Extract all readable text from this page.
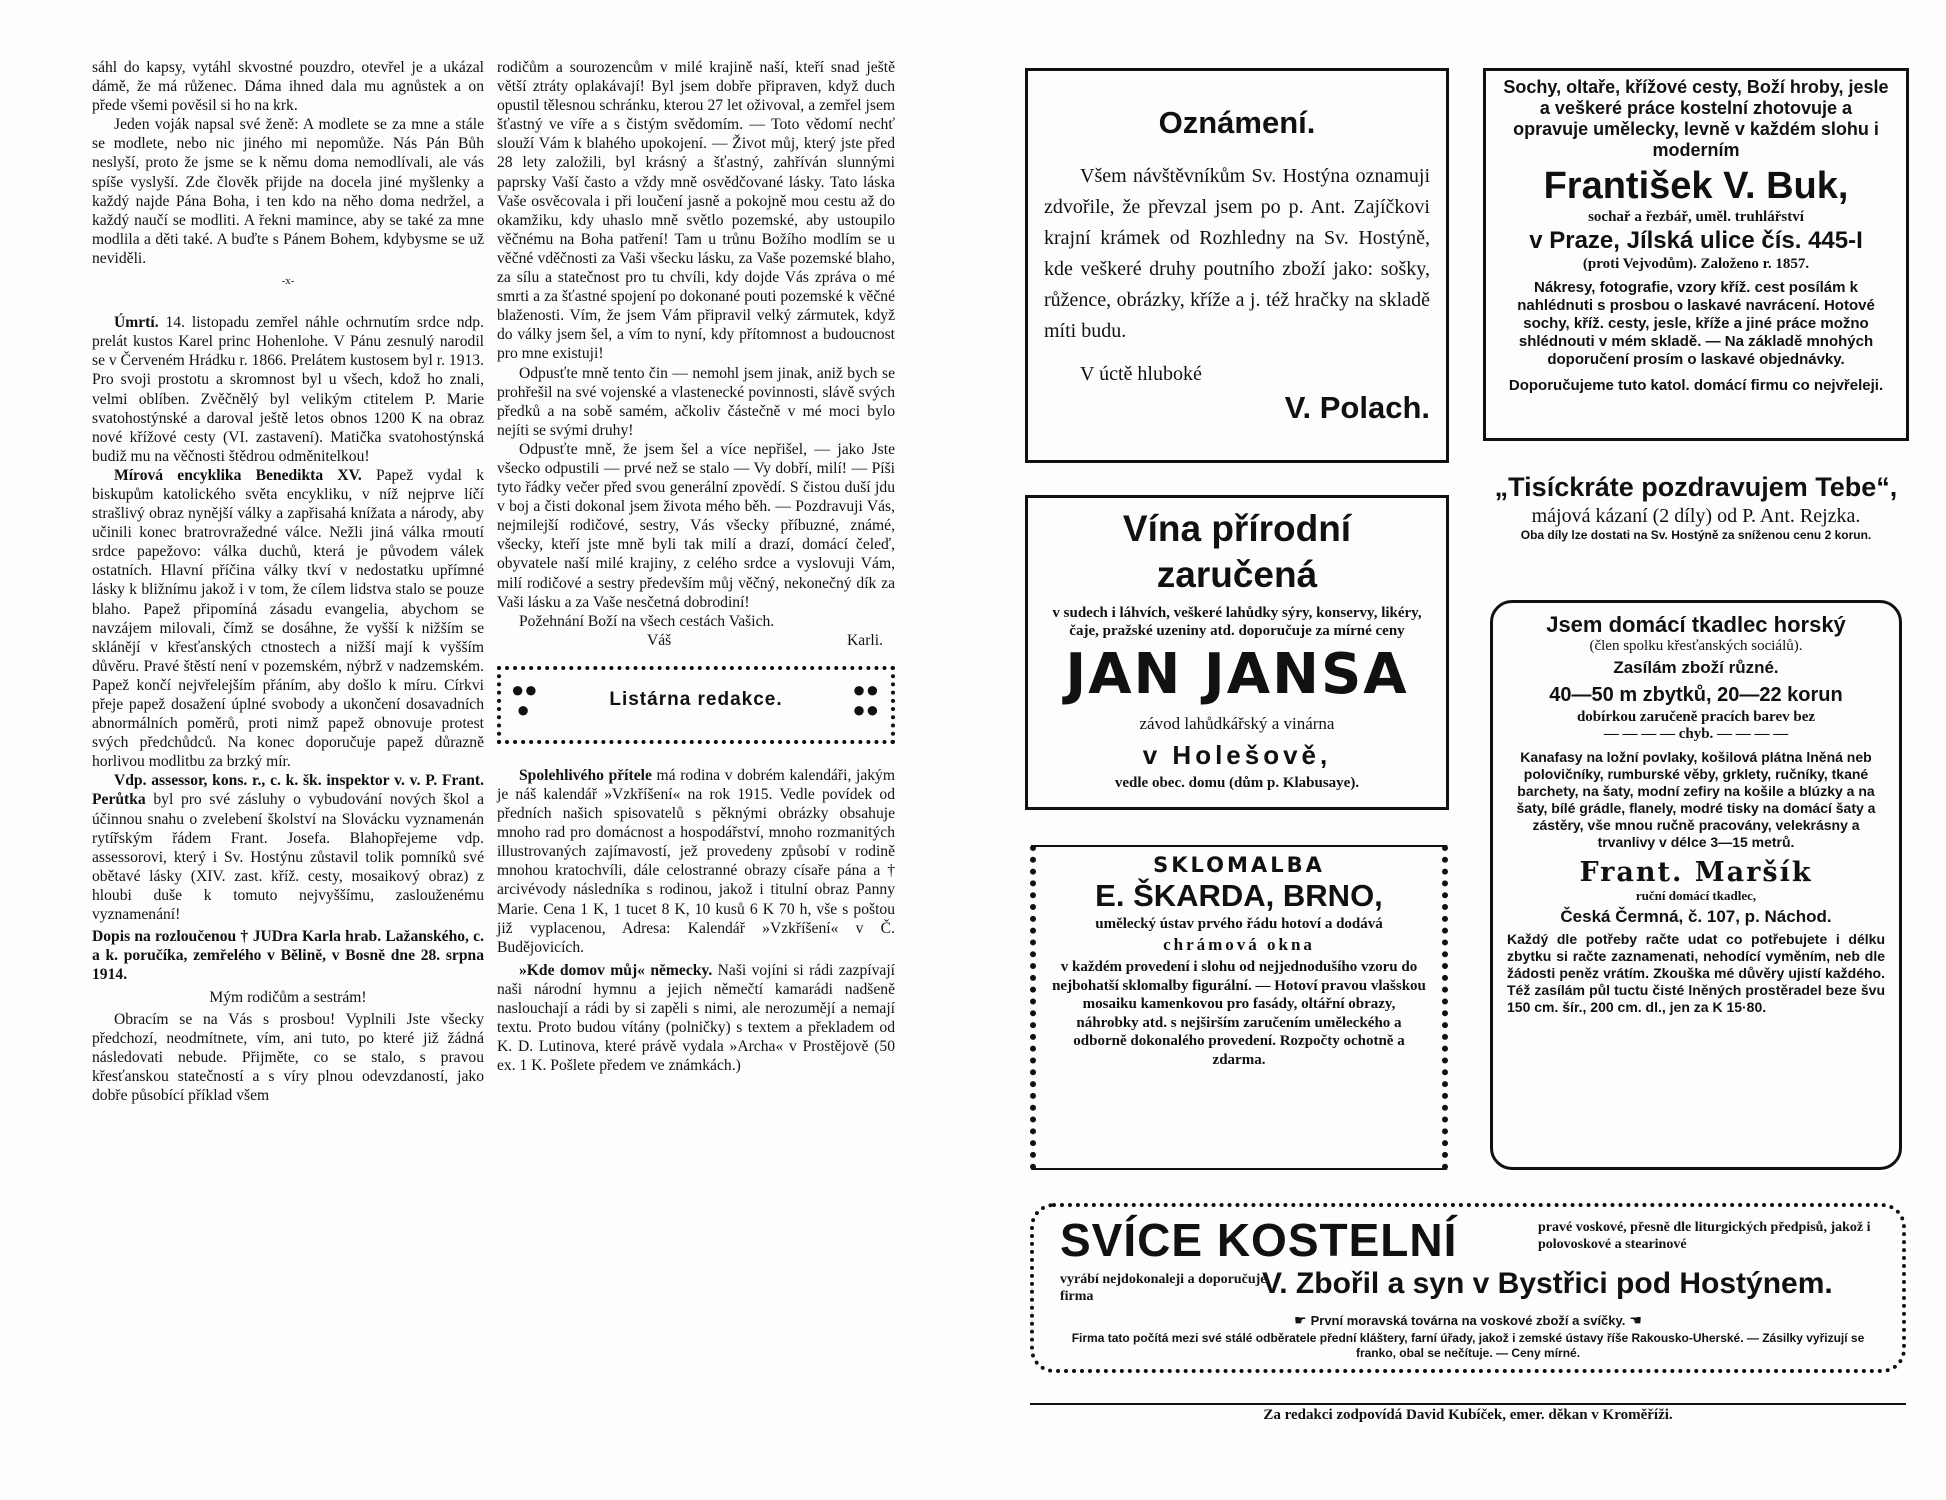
sáhl do kapsy, vytáhl skvostné pouzdro, otevřel je a ukázal dámě, že má růženec. Dáma ihned dala mu agnůstek a on přede všemi pověsil si ho na krk.

Jeden voják napsal své ženě: A modlete se za mne a stále se modlete, nebo nic jiného mi nepomůže. Nás Pán Bůh neslyší, proto že jsme se k němu doma nemodlívali, ale vás spíše vyslyší. Zde člověk přijde na docela jiné myšlenky a každý najde Pána Boha, i ten kdo na něho doma nedržel, a každý naučí se modliti. A řekni mamince, aby se také za mne modlila a děti také. A buďte s Pánem Bohem, kdybysme se už neviděli.

-x-

Úmrtí. 14. listopadu zemřel náhle ochrnutím srdce ndp. prelát kustos Karel princ Hohenlohe. V Pánu zesnulý narodil se v Červeném Hrádku r. 1866. Prelátem kustosem byl r. 1913. Pro svoji prostotu a skromnost byl u všech, kdož ho znali, velmi oblíben. Zvěčnělý byl velikým ctitelem P. Marie svatohostýnské a daroval ještě letos obnos 1200 K na obraz nové křížové cesty (VI. zastavení). Matička svatohostýnská budiž mu na věčnosti štědrou odměnitelkou!

Mírová encyklika Benedikta XV. Papež vydal k biskupům katolického světa encykliku, v níž nejprve líčí strašlivý obraz nynější války a zapřisahá knížata a národy, aby učinili konec bratrovražedné válce. Nežli jiná válka rmoutí srdce papežovo: válka duchů, která je původem válek ostatních. Hlavní příčina války tkví v nedostatku upřímné lásky k bližnímu jakož i v tom, že cílem lidstva stalo se pouze blaho. Papež připomíná zásadu evangelia, abychom se navzájem milovali, čímž se dosáhne, že vyšší k nižším se sklánějí v křesťanských ctnostech a nižší mají k vyšším důvěru. Pravé štěstí není v pozemském, nýbrž v nadzemském. Papež končí nejvřelejším přáním, aby došlo k míru. Církvi přeje papež dosažení úplné svobody a ukončení dosavadních abnormálních poměrů, proti nimž papež obnovuje protest svých předchůdců. Na konec doporučuje papež důrazně horlivou modlitbu za brzký mír.

Vdp. assessor, kons. r., c. k. šk. inspektor v. v. P. Frant. Perůtka byl pro své zásluhy o vybudování nových škol a účinnou snahu o zvelebení školství na Slovácku vyznamenán rytířským řádem Frant. Josefa. Blahopřejeme vdp. assessorovi, který i Sv. Hostýnu zůstavil tolik pomníků své obětavé lásky (XIV. zast. kříž. cesty, mosaikový obraz) z hloubi duše k tomuto nejvyššímu, zaslouženému vyznamenání!

Dopis na rozloučenou † JUDra Karla hrab. Lažanského, c. a k. poručíka, zemřelého v Bělině, v Bosně dne 28. srpna 1914.

Mým rodičům a sestrám!

Obracím se na Vás s prosbou! Vyplnili Jste všecky předchozí, neodmítnete, vím, ani tuto, po které již žádná následovati nebude. Přijměte, co se stalo, s pravou křesťanskou statečností a s víry plnou odevzdaností, jako dobře působící příklad všem

rodičům a sourozencům v milé krajině naší, kteří snad ještě větší ztráty oplakávají! Byl jsem dobře připraven, když duch opustil tělesnou schránku, kterou 27 let oživoval, a zemřel jsem šťastný ve víře a s čistým svědomím. — Toto vědomí nechť slouží Vám k blahého upokojení. — Život můj, který jste před 28 lety založili, byl krásný a šťastný, zahříván slunnými paprsky Vaší často a vždy mně osvědčované lásky. Tato láska Vaše osvěcovala i při loučení jasně a pokojně mou cestu až do okamžiku, kdy uhaslo mně světlo pozemské, aby ustoupilo věčnému na Boha patření! Tam u trůnu Božího modlím se u věčné vděčnosti za Vaši všecku lásku, za Vaše pozemské blaho, za sílu a statečnost pro tu chvíli, kdy dojde Vás zpráva o mé smrti a za šťastné spojení po dokonané pouti pozemské k věčné blaženosti. Vím, že jsem Vám připravil velký zármutek, když do války jsem šel, a vím to nyní, kdy přítomnost a budoucnost pro mne existuji!

Odpusťte mně tento čin — nemohl jsem jinak, aniž bych se prohřešil na své vojenské a vlastenecké povinnosti, slávě svých předků a na sobě samém, ačkoliv částečně v mé moci bylo nejíti se svými druhy!

Odpusťte mně, že jsem šel a více nepřišel, — jako Jste všecko odpustili — prvé než se stalo — Vy dobří, milí! — Píši tyto řádky večer před svou generální zpovědí. S čistou duší jdu v boj a čisti dokonal jsem života mého běh. — Pozdravuji Vás, nejmilejší rodičové, sestry, Vás všecky příbuzné, známé, všecky, kteří jste mně byli tak milí a drazí, domácí čeleď, obyvatele naší milé krajiny, z celého srdce a vyslovuji Vám, milí rodičové a sestry především můj věčný, nekonečný dík za Vaši lásku a za Vaše nesčetná dobrodiní!

Požehnání Boží na všech cestách Vašich.

Váš	Karli.
●●
●	Listárna redakce.	●●
●●

Spolehlivého přítele má rodina v dobrém kalendáři, jakým je náš kalendář »Vzkříšení« na rok 1915. Vedle povídek od předních našich spisovatelů s pěknými obrázky obsahuje mnoho rad pro domácnost a hospodářství, mnoho rozmanitých illustrovaných zajímavostí, jež provedeny způsobí v rodině mnohou kratochvíli, dále celostranné obrazy císaře pána a † arcivévody následníka s rodinou, jakož i titulní obraz Panny Marie. Cena 1 K, 1 tucet 8 K, 10 kusů 6 K 70 h, vše s poštou již vyplacenou, Adresa: Kalendář »Vzkříšení« v Č. Budějovicích.

»Kde domov můj« německy. Naši vojíni si rádi zazpívají naši národní hymnu a jejich němečtí kamarádi nadšeně naslouchají a rádi by si zapěli s nimi, ale nerozumějí a nemají textu. Proto budou vítány (polničky) s textem a překladem od K. D. Lutinova, které právě vydala »Archa« v Prostějově (50 ex. 1 K. Pošlete předem ve známkách.)

Oznámení.
Všem návštěvníkům Sv. Hostýna oznamuji zdvořile, že převzal jsem po p. Ant. Zajíčkovi krajní krámek od Rozhledny na Sv. Hostýně, kde veškeré druhy poutního zboží jako: sošky, růžence, obrázky, kříže a j. též hračky na skladě míti budu.
V úctě hluboké
V. Polach.
Sochy, oltaře, křížové cesty, Boží hroby, jesle a veškeré práce kostelní zhotovuje a opravuje umělecky, levně v každém slohu i moderním
František V. Buk,
sochař a řezbář, uměl. truhlářství
v Praze, Jílská ulice čís. 445-I
(proti Vejvodům). Založeno r. 1857.
Nákresy, fotografie, vzory kříž. cest posílám k nahlédnuti s prosbou o laskavé navrácení. Hotové sochy, kříž. cesty, jesle, kříže a jiné práce možno shlédnouti v mém skladě. — Na základě mnohých doporučení prosím o laskavé objednávky.
Doporučujeme tuto katol. domácí firmu co nejvřeleji.
Vína přírodní zaručená
v sudech i láhvích, veškeré lahůdky sýry, konservy, likéry, čaje, pražské uzeniny atd. doporučuje za mírné ceny
JAN JANSA
závod lahůdkářský a vinárna
v Holešově,
vedle obec. domu (dům p. Klabusaye).
„Tisíckráte pozdravujem Tebe“,
májová kázaní (2 díly) od P. Ant. Rejzka.
Oba díly lze dostati na Sv. Hostýně za sníženou cenu 2 korun.
SKLOMALBA
E. ŠKARDA, BRNO,
umělecký ústav prvého řádu hotoví a dodává
chrámová okna
v každém provedení i slohu od nejjednodušího vzoru do nejbohatší sklomalby figurální. — Hotoví pravou vlašskou mosaiku kamenkovou pro fasády, oltářní obrazy, náhrobky atd. s nejširším zaručením uměleckého a odborně dokonalého provedení. Rozpočty ochotně a zdarma.
Jsem domácí tkadlec horský
(člen spolku křesťanských sociálů).
Zasílám zboží různé.
40—50 m zbytků, 20—22 korun
dobírkou zaručeně pracích barev bez
— — — — chyb. — — — —
Kanafasy na ložní povlaky, košilová plátna lněná neb polovičníky, rumburské věby, grklety, ručníky, tkané barchety, na šaty, modní zefiry na košile a blúzky a na šaty, bílé grádle, flanely, modré tisky na domácí šaty a zástěry, vše mnou ručně pracovány, velekrásny a trvanlivy v délce 3—15 metrů.
Frant. Maršík
ruční domácí tkadlec,
Česká Čermná, č. 107, p. Náchod.
Každý dle potřeby račte udat co potřebujete i délku zbytku si račte zaznamenati, nehodící vyměním, neb dle žádosti peněz vrátím. Zkouška mé důvěry ujistí každého. Též zasílám půl tuctu čisté lněných prostěradel beze švu 150 cm. šír., 200 cm. dl., jen za K 15·80.
SVÍCE KOSTELNÍ	pravé voskové, přesně dle liturgických předpisů, jakož i polovoskové a stearinové
vyrábí nejdokonaleji a doporučuje firma	V. Zbořil a syn v Bystřici pod Hostýnem.
☛ První moravská továrna na voskové zboží a svíčky. ☚
Firma tato počítá mezi své stálé odběratele přední kláštery, farní úřady, jakož i zemské ústavy říše Rakousko-Uherské. — Zásilky vyřizují se franko, obal se nečítuje. — Ceny mírné.
Za redakci zodpovídá David Kubíček, emer. děkan v Kroměříži.
